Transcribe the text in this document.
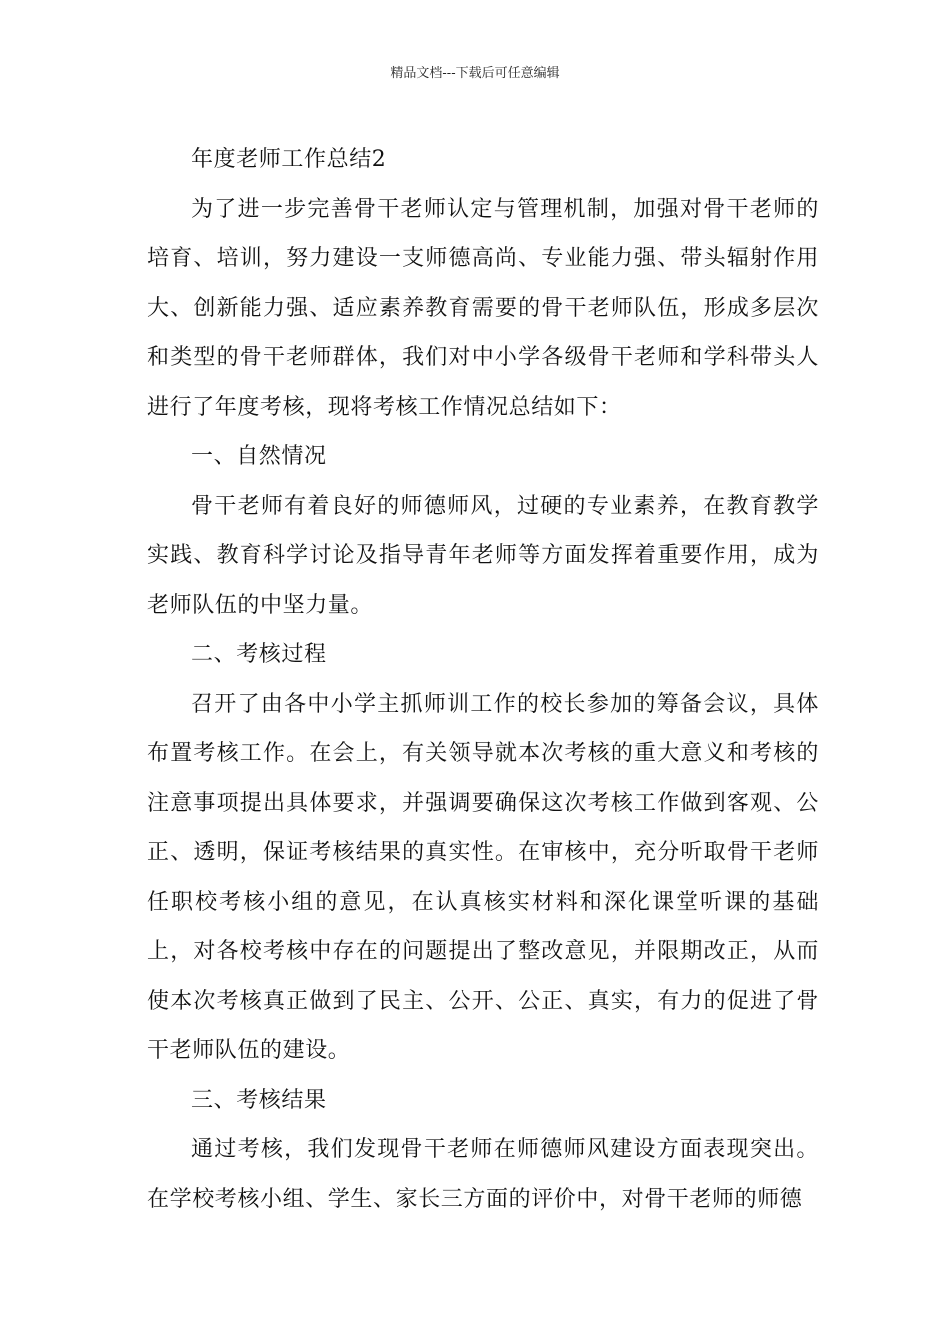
精品文档---下载后可任意编辑

年度老师工作总结2

为了进一步完善骨干老师认定与管理机制，加强对骨干老师的培育、培训，努力建设一支师德高尚、专业能力强、带头辐射作用大、创新能力强、适应素养教育需要的骨干老师队伍，形成多层次和类型的骨干老师群体，我们对中小学各级骨干老师和学科带头人进行了年度考核，现将考核工作情况总结如下：

一、自然情况

骨干老师有着良好的师德师风，过硬的专业素养，在教育教学实践、教育科学讨论及指导青年老师等方面发挥着重要作用，成为老师队伍的中坚力量。

二、考核过程

召开了由各中小学主抓师训工作的校长参加的筹备会议，具体布置考核工作。在会上，有关领导就本次考核的重大意义和考核的注意事项提出具体要求，并强调要确保这次考核工作做到客观、公正、透明，保证考核结果的真实性。在审核中，充分听取骨干老师任职校考核小组的意见，在认真核实材料和深化课堂听课的基础上，对各校考核中存在的问题提出了整改意见，并限期改正，从而使本次考核真正做到了民主、公开、公正、真实，有力的促进了骨干老师队伍的建设。

三、考核结果

通过考核，我们发现骨干老师在师德师风建设方面表现突出。在学校考核小组、学生、家长三方面的评价中，对骨干老师的师德
